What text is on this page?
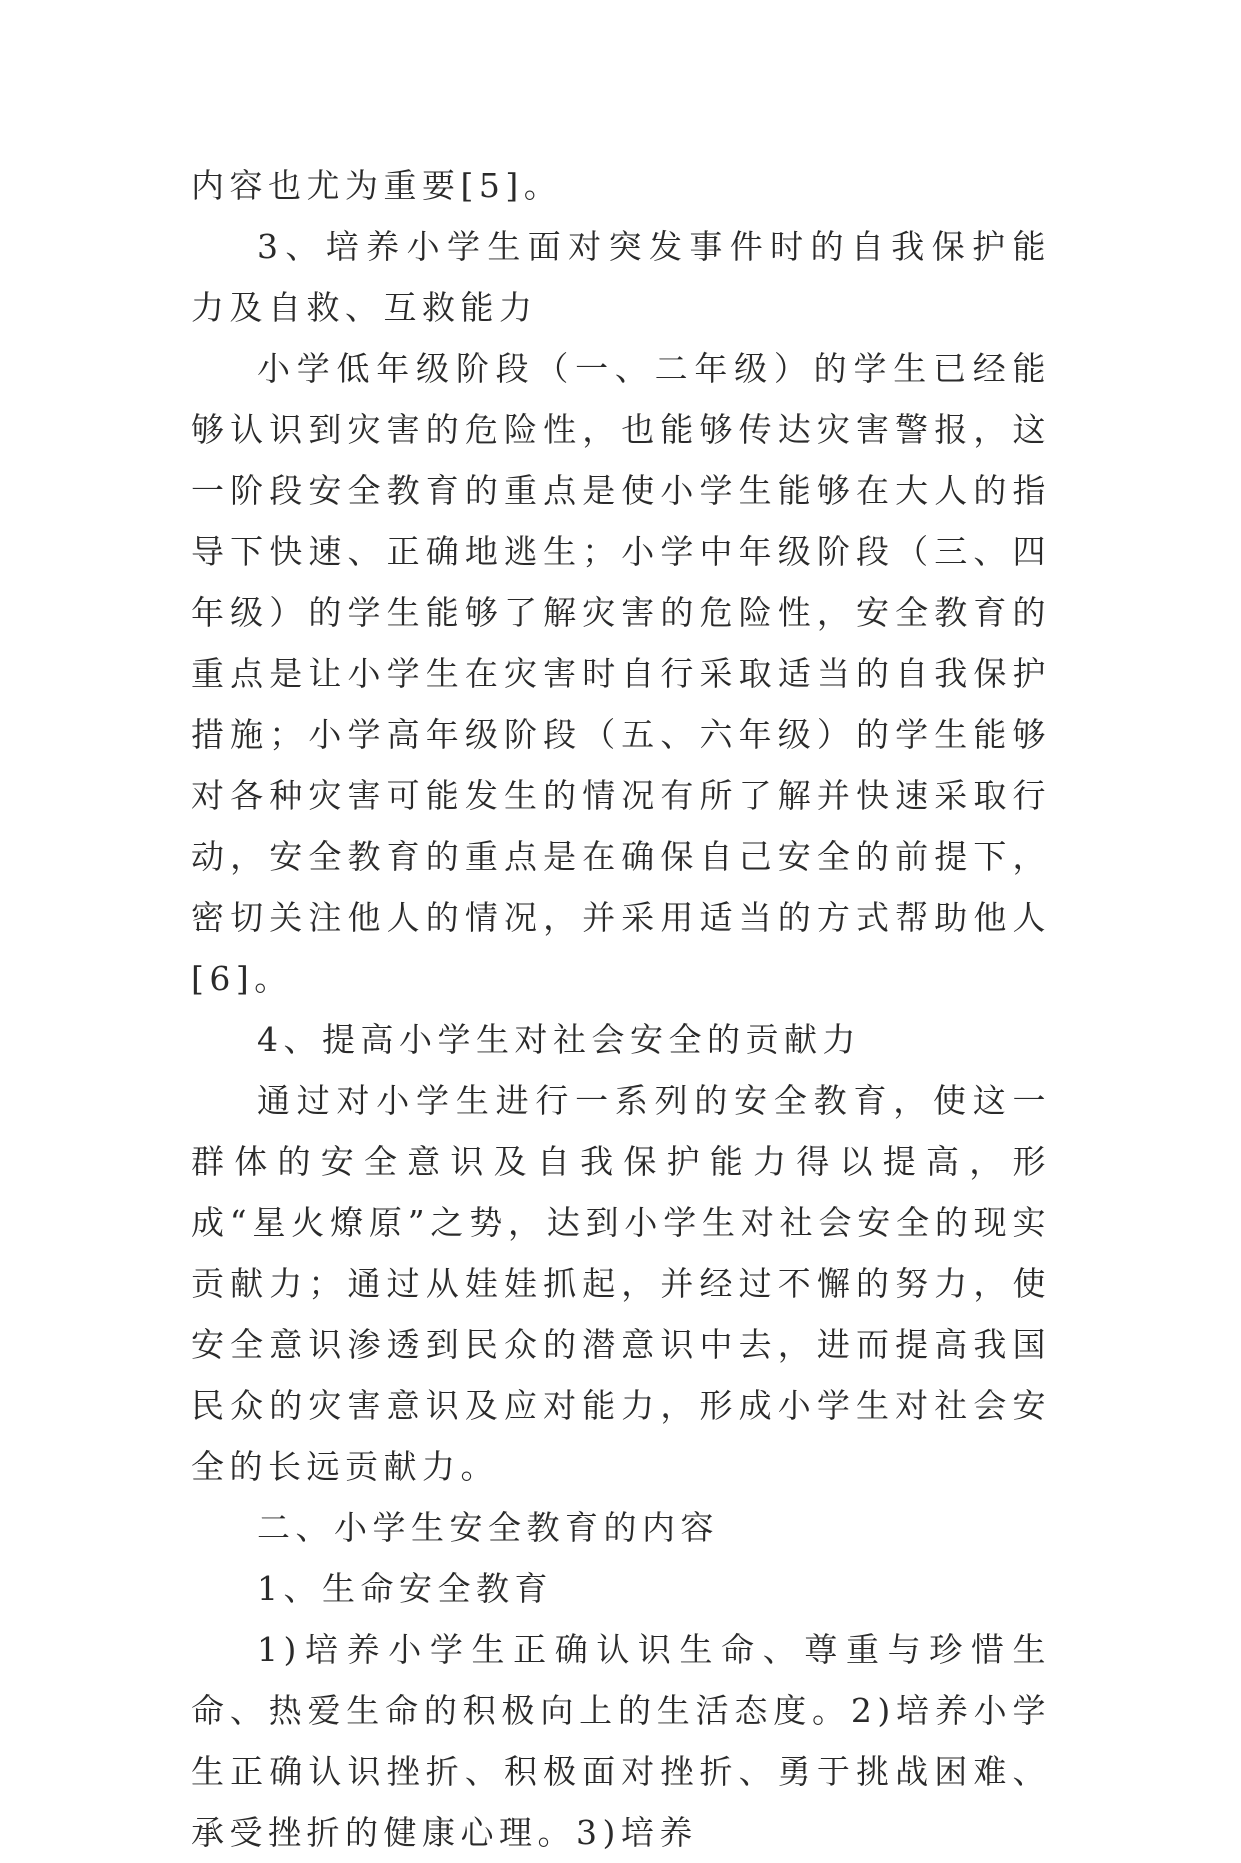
内容也尤为重要[5]。

3、培养小学生面对突发事件时的自我保护能力及自救、互救能力

小学低年级阶段（一、二年级）的学生已经能够认识到灾害的危险性，也能够传达灾害警报，这一阶段安全教育的重点是使小学生能够在大人的指导下快速、正确地逃生；小学中年级阶段（三、四年级）的学生能够了解灾害的危险性，安全教育的重点是让小学生在灾害时自行采取适当的自我保护措施；小学高年级阶段（五、六年级）的学生能够对各种灾害可能发生的情况有所了解并快速采取行动，安全教育的重点是在确保自己安全的前提下，密切关注他人的情况，并采用适当的方式帮助他人[6]。

4、提高小学生对社会安全的贡献力

通过对小学生进行一系列的安全教育，使这一群体的安全意识及自我保护能力得以提高，形成“星火燎原”之势，达到小学生对社会安全的现实贡献力；通过从娃娃抓起，并经过不懈的努力，使安全意识渗透到民众的潜意识中去，进而提高我国民众的灾害意识及应对能力，形成小学生对社会安全的长远贡献力。

二、小学生安全教育的内容

1、生命安全教育

1)培养小学生正确认识生命、尊重与珍惜生命、热爱生命的积极向上的生活态度。2)培养小学生正确认识挫折、积极面对挫折、勇于挑战困难、承受挫折的健康心理。3)培养
